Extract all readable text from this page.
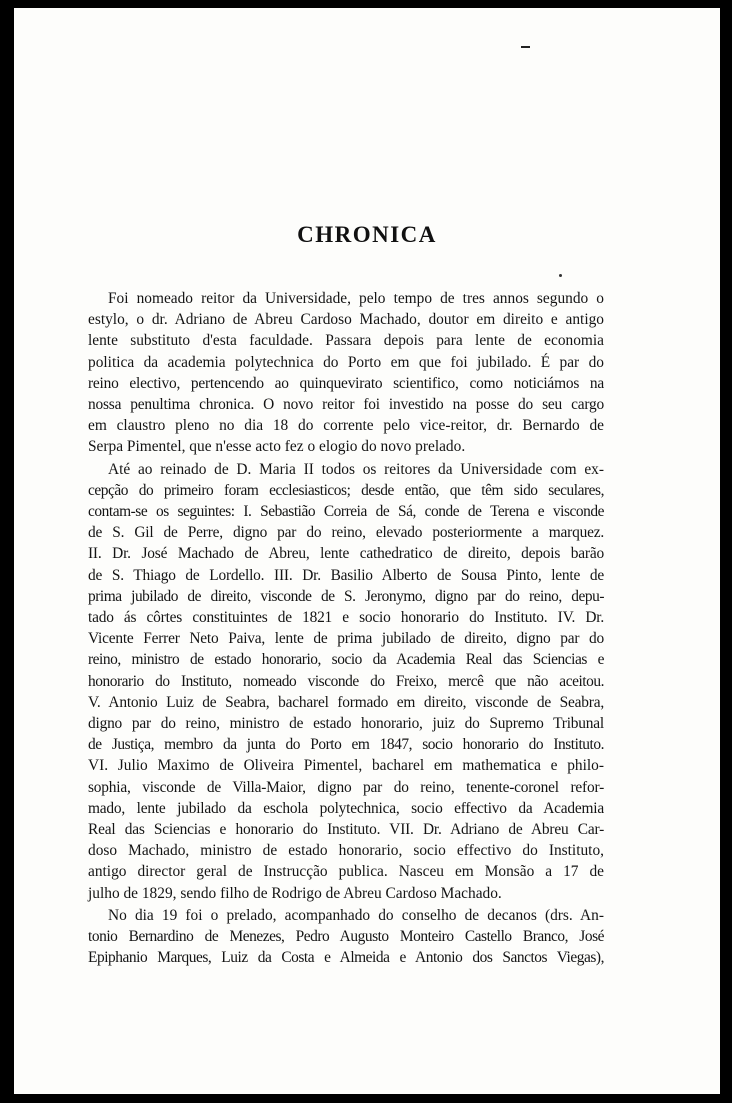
CHRONICA

Foi nomeado reitor da Universidade, pelo tempo de tres annos segundo o
estylo, o dr. Adriano de Abreu Cardoso Machado, doutor em direito e antigo
lente substituto d'esta faculdade. Passara depois para lente de economia
politica da academia polytechnica do Porto em que foi jubilado. É par do
reino electivo, pertencendo ao quinquevirato scientifico, como noticiámos na
nossa penultima chronica. O novo reitor foi investido na posse do seu cargo
em claustro pleno no dia 18 do corrente pelo vice-reitor, dr. Bernardo de
Serpa Pimentel, que n'esse acto fez o elogio do novo prelado.

Até ao reinado de D. Maria II todos os reitores da Universidade com ex-
cepção do primeiro foram ecclesiasticos; desde então, que têm sido seculares,
contam-se os seguintes: I. Sebastião Correia de Sá, conde de Terena e visconde
de S. Gil de Perre, digno par do reino, elevado posteriormente a marquez.
II. Dr. José Machado de Abreu, lente cathedratico de direito, depois barão
de S. Thiago de Lordello. III. Dr. Basilio Alberto de Sousa Pinto, lente de
prima jubilado de direito, visconde de S. Jeronymo, digno par do reino, depu-
tado ás côrtes constituintes de 1821 e socio honorario do Instituto. IV. Dr.
Vicente Ferrer Neto Paiva, lente de prima jubilado de direito, digno par do
reino, ministro de estado honorario, socio da Academia Real das Sciencias e
honorario do Instituto, nomeado visconde do Freixo, mercê que não aceitou.
V. Antonio Luiz de Seabra, bacharel formado em direito, visconde de Seabra,
digno par do reino, ministro de estado honorario, juiz do Supremo Tribunal
de Justiça, membro da junta do Porto em 1847, socio honorario do Instituto.
VI. Julio Maximo de Oliveira Pimentel, bacharel em mathematica e philo-
sophia, visconde de Villa-Maior, digno par do reino, tenente-coronel refor-
mado, lente jubilado da eschola polytechnica, socio effectivo da Academia
Real das Sciencias e honorario do Instituto. VII. Dr. Adriano de Abreu Car-
doso Machado, ministro de estado honorario, socio effectivo do Instituto,
antigo director geral de Instrucção publica. Nasceu em Monsão a 17 de
julho de 1829, sendo filho de Rodrigo de Abreu Cardoso Machado.

No dia 19 foi o prelado, acompanhado do conselho de decanos (drs. An-
tonio Bernardino de Menezes, Pedro Augusto Monteiro Castello Branco, José
Epiphanio Marques, Luiz da Costa e Almeida e Antonio dos Sanctos Viegas),
